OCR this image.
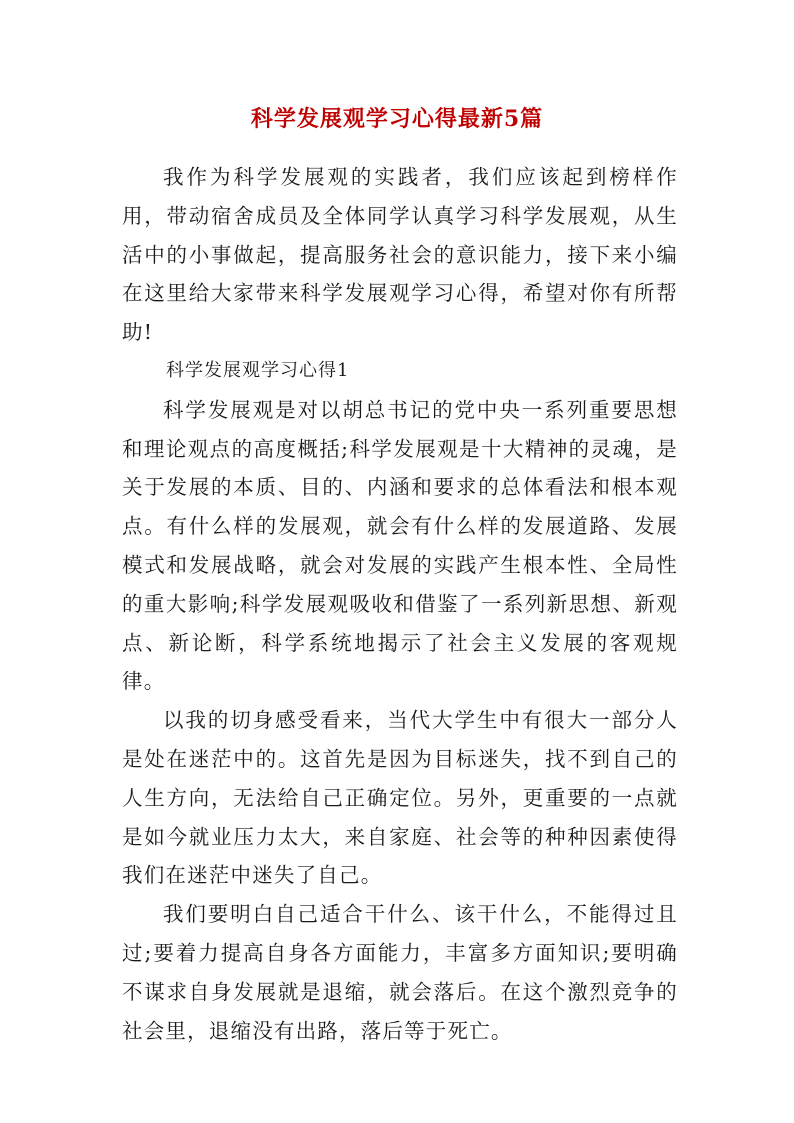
科学发展观学习心得最新5篇

我作为科学发展观的实践者，我们应该起到榜样作用，带动宿舍成员及全体同学认真学习科学发展观，从生活中的小事做起，提高服务社会的意识能力，接下来小编在这里给大家带来科学发展观学习心得，希望对你有所帮助!

科学发展观学习心得1

科学发展观是对以胡总书记的党中央一系列重要思想和理论观点的高度概括;科学发展观是十大精神的灵魂，是关于发展的本质、目的、内涵和要求的总体看法和根本观点。有什么样的发展观，就会有什么样的发展道路、发展模式和发展战略，就会对发展的实践产生根本性、全局性的重大影响;科学发展观吸收和借鉴了一系列新思想、新观点、新论断，科学系统地揭示了社会主义发展的客观规律。

以我的切身感受看来，当代大学生中有很大一部分人是处在迷茫中的。这首先是因为目标迷失，找不到自己的人生方向，无法给自己正确定位。另外，更重要的一点就是如今就业压力太大，来自家庭、社会等的种种因素使得我们在迷茫中迷失了自己。

我们要明白自己适合干什么、该干什么，不能得过且过;要着力提高自身各方面能力，丰富多方面知识;要明确不谋求自身发展就是退缩，就会落后。在这个激烈竞争的社会里，退缩没有出路，落后等于死亡。
